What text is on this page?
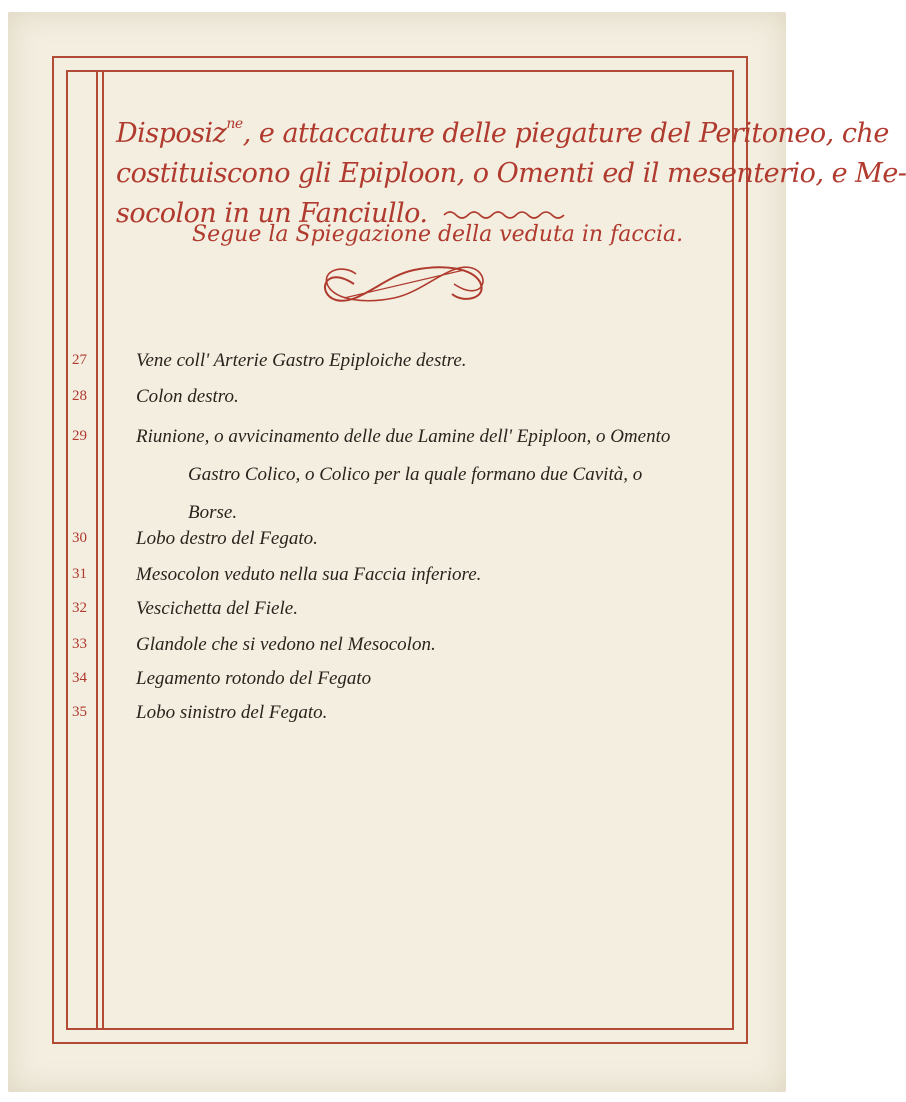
Disposiz$^{ne}$, e attaccature delle piegature del Peritoneo, che
costituiscono gli Epiploon, o Omenti ed il mesenterio, e Me-
socolon in un Fanciullo.
Segue la Spiegazione della veduta in faccia.
27	Vene coll' Arterie Gastro Epiploiche destre.
28	Colon destro.
29	Riunione, o avvicinamento delle due Lamine dell' Epiploon, o Omento
Gastro Colico, o Colico per la quale formano due Cavità, o
Borse.
30	Lobo destro del Fegato.
31	Mesocolon veduto nella sua Faccia inferiore.
32	Vescichetta del Fiele.
33	Glandole che si vedono nel Mesocolon.
34	Legamento rotondo del Fegato
35	Lobo sinistro del Fegato.
